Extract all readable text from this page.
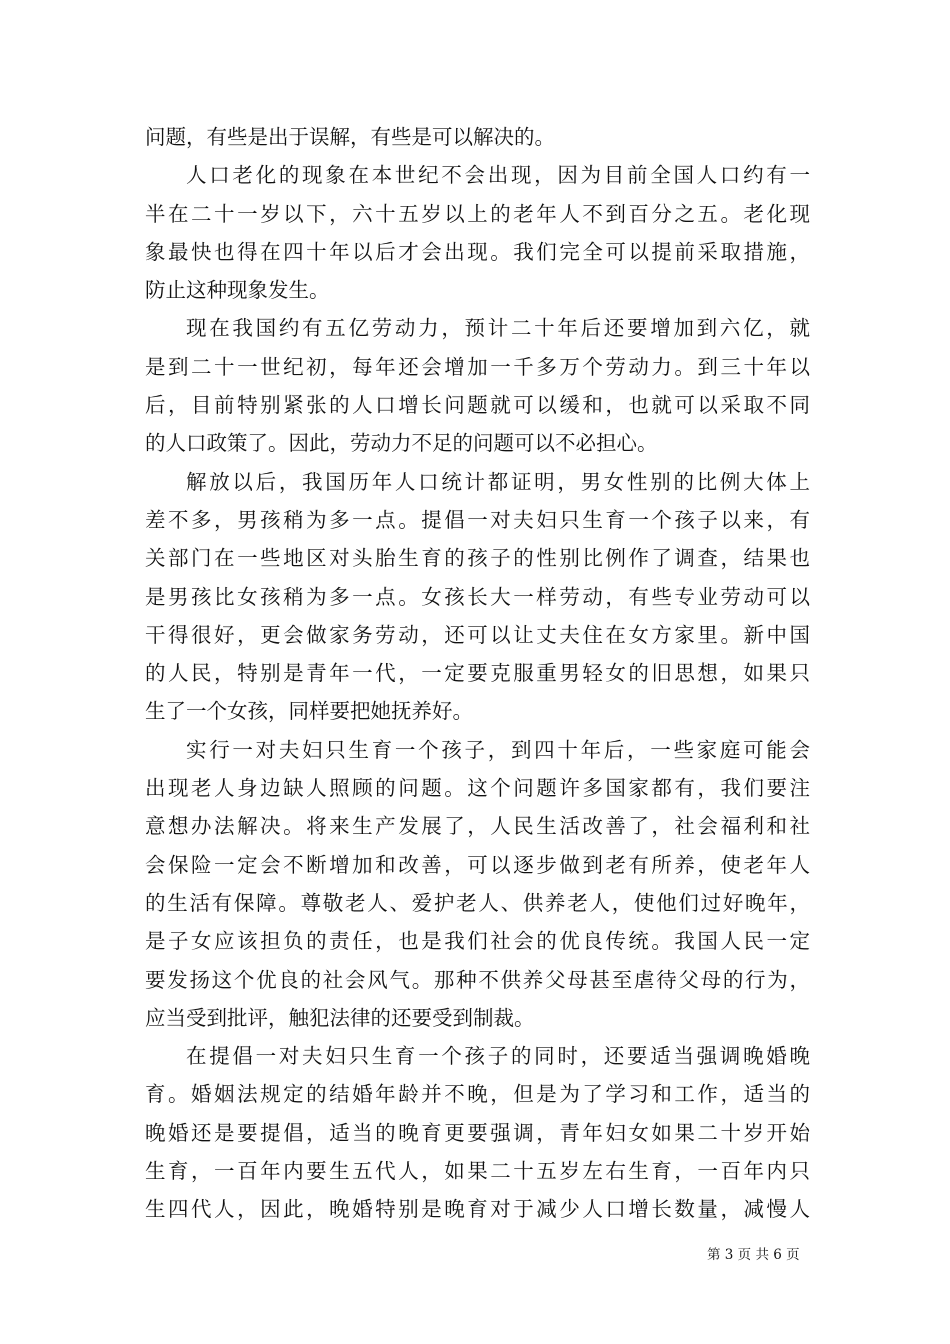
问题，有些是出于误解，有些是可以解决的。
人口老化的现象在本世纪不会出现，因为目前全国人口约有一
半在二十一岁以下，六十五岁以上的老年人不到百分之五。老化现
象最快也得在四十年以后才会出现。我们完全可以提前采取措施，
防止这种现象发生。
现在我国约有五亿劳动力，预计二十年后还要增加到六亿，就
是到二十一世纪初，每年还会增加一千多万个劳动力。到三十年以
后，目前特别紧张的人口增长问题就可以缓和，也就可以采取不同
的人口政策了。因此，劳动力不足的问题可以不必担心。
解放以后，我国历年人口统计都证明，男女性别的比例大体上
差不多，男孩稍为多一点。提倡一对夫妇只生育一个孩子以来，有
关部门在一些地区对头胎生育的孩子的性别比例作了调查，结果也
是男孩比女孩稍为多一点。女孩长大一样劳动，有些专业劳动可以
干得很好，更会做家务劳动，还可以让丈夫住在女方家里。新中国
的人民，特别是青年一代，一定要克服重男轻女的旧思想，如果只
生了一个女孩，同样要把她抚养好。
实行一对夫妇只生育一个孩子，到四十年后，一些家庭可能会
出现老人身边缺人照顾的问题。这个问题许多国家都有，我们要注
意想办法解决。将来生产发展了，人民生活改善了，社会福利和社
会保险一定会不断增加和改善，可以逐步做到老有所养，使老年人
的生活有保障。尊敬老人、爱护老人、供养老人，使他们过好晚年，
是子女应该担负的责任，也是我们社会的优良传统。我国人民一定
要发扬这个优良的社会风气。那种不供养父母甚至虐待父母的行为，
应当受到批评，触犯法律的还要受到制裁。
在提倡一对夫妇只生育一个孩子的同时，还要适当强调晚婚晚
育。婚姻法规定的结婚年龄并不晚，但是为了学习和工作，适当的
晚婚还是要提倡，适当的晚育更要强调，青年妇女如果二十岁开始
生育，一百年内要生五代人，如果二十五岁左右生育，一百年内只
生四代人，因此，晚婚特别是晚育对于减少人口增长数量，减慢人
第 3 页 共 6 页
